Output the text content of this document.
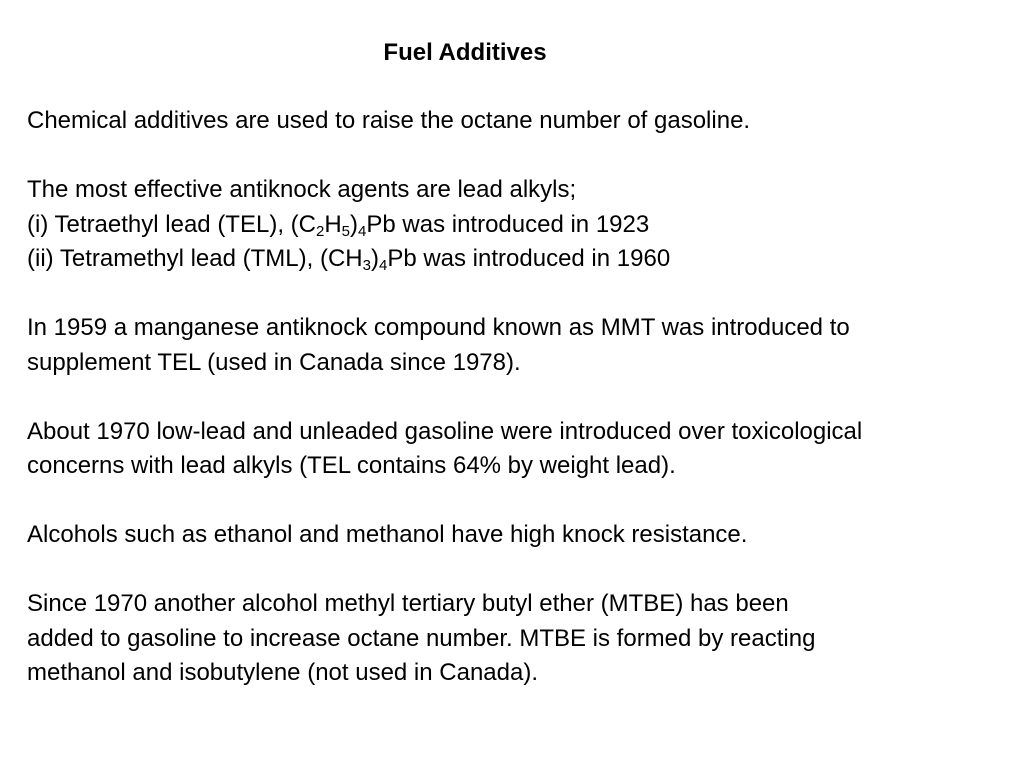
Fuel Additives
Chemical additives are used to raise the octane number of gasoline.
The most effective antiknock agents are lead alkyls;
(i) Tetraethyl lead (TEL), $(C_2H_5)_4Pb$ was introduced in 1923
(ii) Tetramethyl lead (TML), $(CH_3)_4Pb$ was introduced in 1960
In 1959 a manganese antiknock compound known as MMT was introduced to
supplement TEL (used in Canada since 1978).
About 1970 low-lead and unleaded gasoline were introduced over toxicological
concerns with lead alkyls (TEL contains 64% by weight lead).
Alcohols such as ethanol and methanol have high knock resistance.
Since 1970 another alcohol methyl tertiary butyl ether (MTBE) has been
added to gasoline to increase octane number. MTBE is formed by reacting
methanol and isobutylene (not used in Canada).
